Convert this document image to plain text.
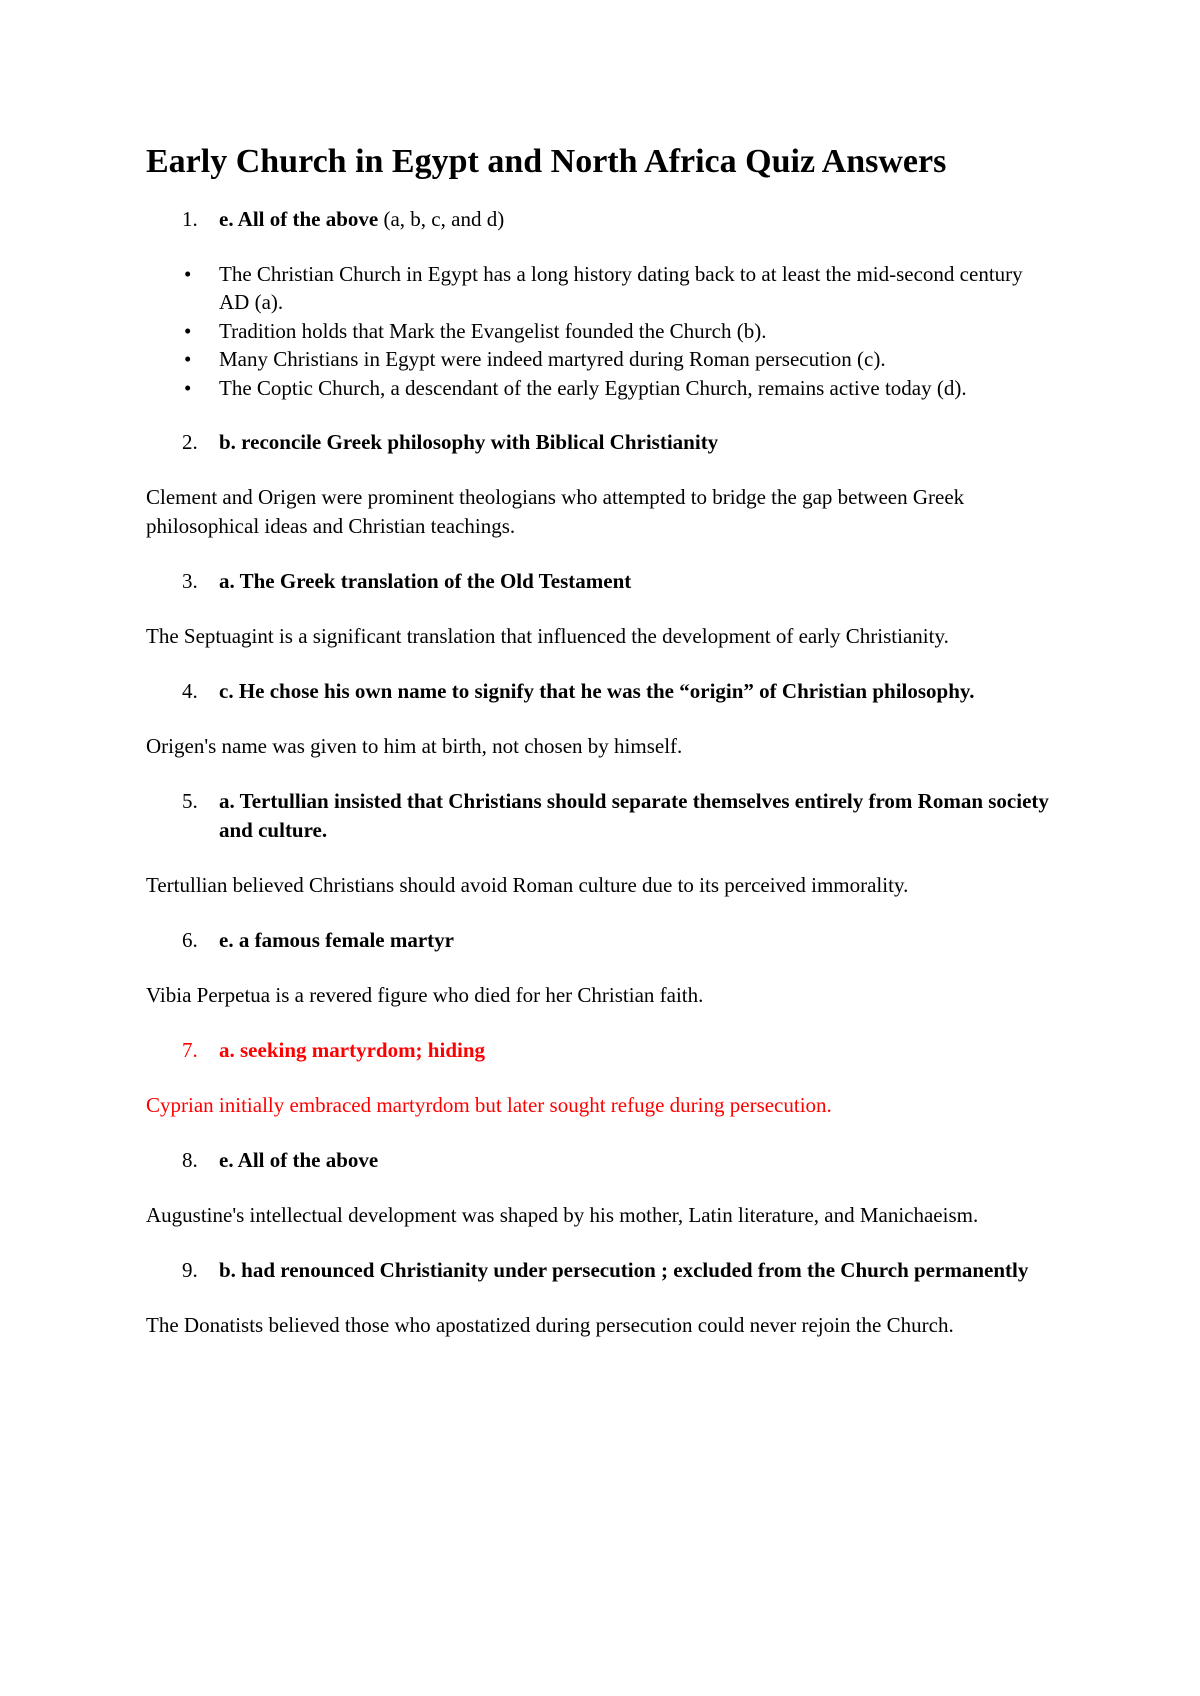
Early Church in Egypt and North Africa Quiz Answers
1.	e. All of the above (a, b, c, and d)
•	The Christian Church in Egypt has a long history dating back to at least the mid-second century AD (a).
•	Tradition holds that Mark the Evangelist founded the Church (b).
•	Many Christians in Egypt were indeed martyred during Roman persecution (c).
•	The Coptic Church, a descendant of the early Egyptian Church, remains active today (d).
2.	b. reconcile Greek philosophy with Biblical Christianity

Clement and Origen were prominent theologians who attempted to bridge the gap between Greek philosophical ideas and Christian teachings.

3.	a. The Greek translation of the Old Testament

The Septuagint is a significant translation that influenced the development of early Christianity.

4.	c. He chose his own name to signify that he was the “origin” of Christian philosophy.

Origen's name was given to him at birth, not chosen by himself.

5.	a. Tertullian insisted that Christians should separate themselves entirely from Roman society and culture.

Tertullian believed Christians should avoid Roman culture due to its perceived immorality.

6.	e. a famous female martyr

Vibia Perpetua is a revered figure who died for her Christian faith.

7.	a. seeking martyrdom; hiding

Cyprian initially embraced martyrdom but later sought refuge during persecution.

8.	e. All of the above

Augustine's intellectual development was shaped by his mother, Latin literature, and Manichaeism.

9.	b. had renounced Christianity under persecution ; excluded from the Church permanently

The Donatists believed those who apostatized during persecution could never rejoin the Church.
